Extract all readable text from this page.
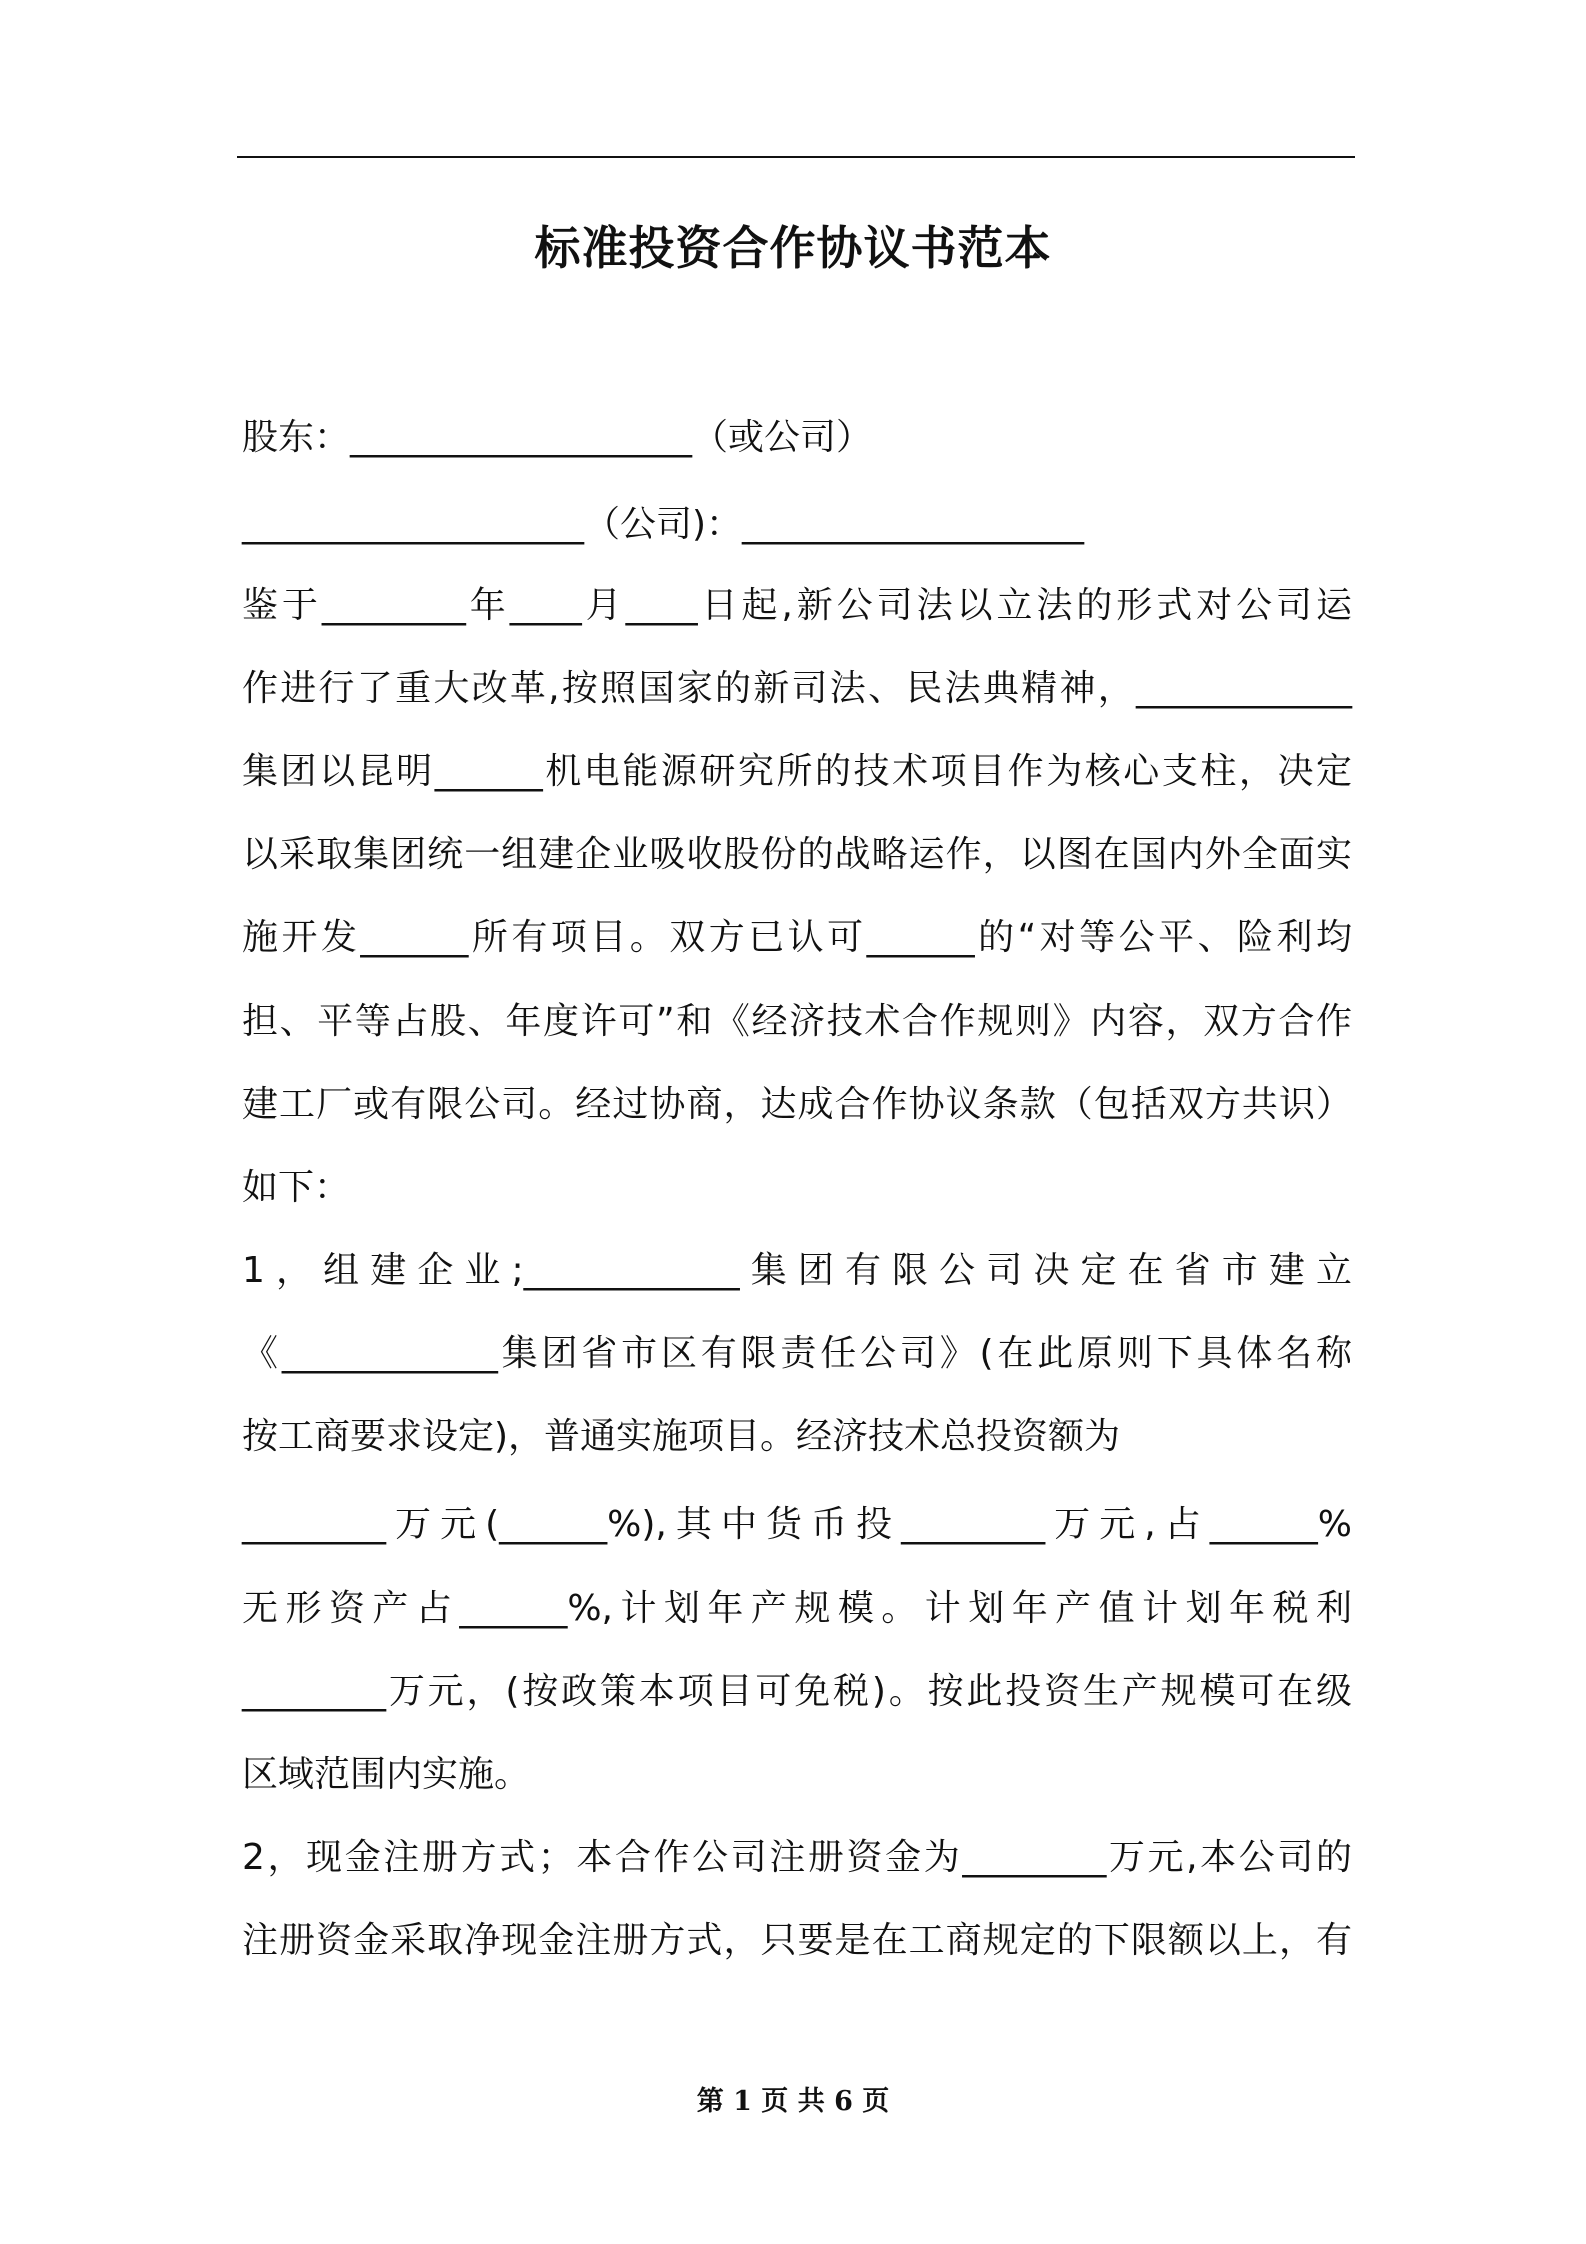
标准投资合作协议书范本
股东：___________________（或公司）
___________________（公司)：___________________
鉴于________年____月____日起,新公司法以立法的形式对公司运
作进行了重大改革,按照国家的新司法、民法典精神，____________
集团以昆明______机电能源研究所的技术项目作为核心支柱，决定
以采取集团统一组建企业吸收股份的战略运作，以图在国内外全面实
施开发______所有项目。双方已认可______的“对等公平、险利均
担、平等占股、年度许可”和《经济技术合作规则》内容，双方合作
建工厂或有限公司。经过协商，达成合作协议条款（包括双方共识）
如下：
1，组建企业;____________集团有限公司决定在省市建立
《____________集团省市区有限责任公司》(在此原则下具体名称
按工商要求设定)，普通实施项目。经济技术总投资额为
________万元(______%),其中货币投________万元,占______%
无形资产占______%,计划年产规模。计划年产值计划年税利
________万元，(按政策本项目可免税)。按此投资生产规模可在级
区域范围内实施。
2，现金注册方式；本合作公司注册资金为________万元,本公司的
注册资金采取净现金注册方式，只要是在工商规定的下限额以上，有
第 1 页 共 6 页
